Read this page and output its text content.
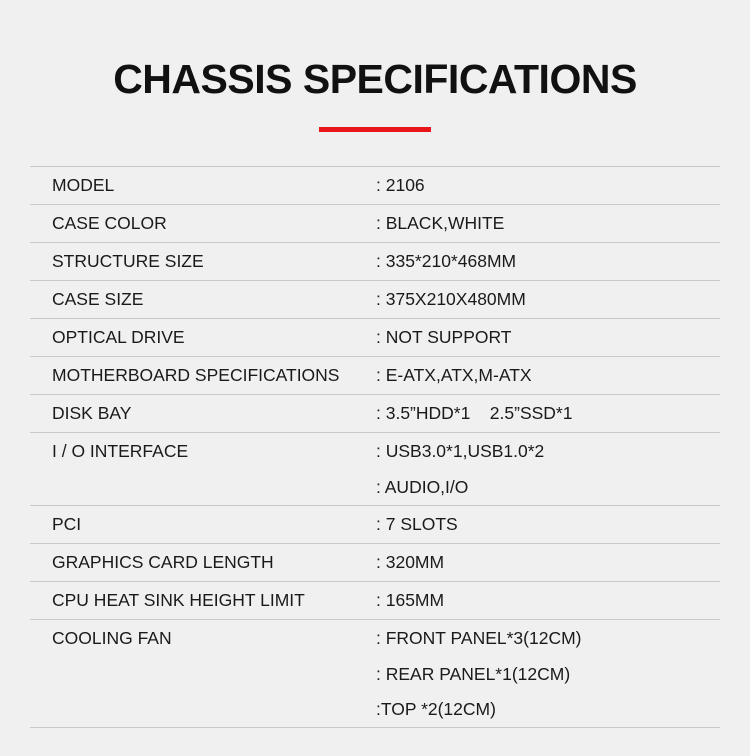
CHASSIS SPECIFICATIONS
MODEL	: 2106
CASE COLOR	: BLACK,WHITE
STRUCTURE SIZE	: 335*210*468MM
CASE SIZE	: 375X210X480MM
OPTICAL DRIVE	: NOT SUPPORT
MOTHERBOARD SPECIFICATIONS	: E-ATX,ATX,M-ATX
DISK BAY	: 3.5”HDD*1    2.5”SSD*1
I / O INTERFACE	: USB3.0*1,USB1.0*2
	: AUDIO,I/O
PCI	: 7 SLOTS
GRAPHICS CARD LENGTH	: 320MM
CPU HEAT SINK HEIGHT LIMIT	: 165MM
COOLING FAN	: FRONT PANEL*3(12CM)
	: REAR PANEL*1(12CM)
	:TOP *2(12CM)
